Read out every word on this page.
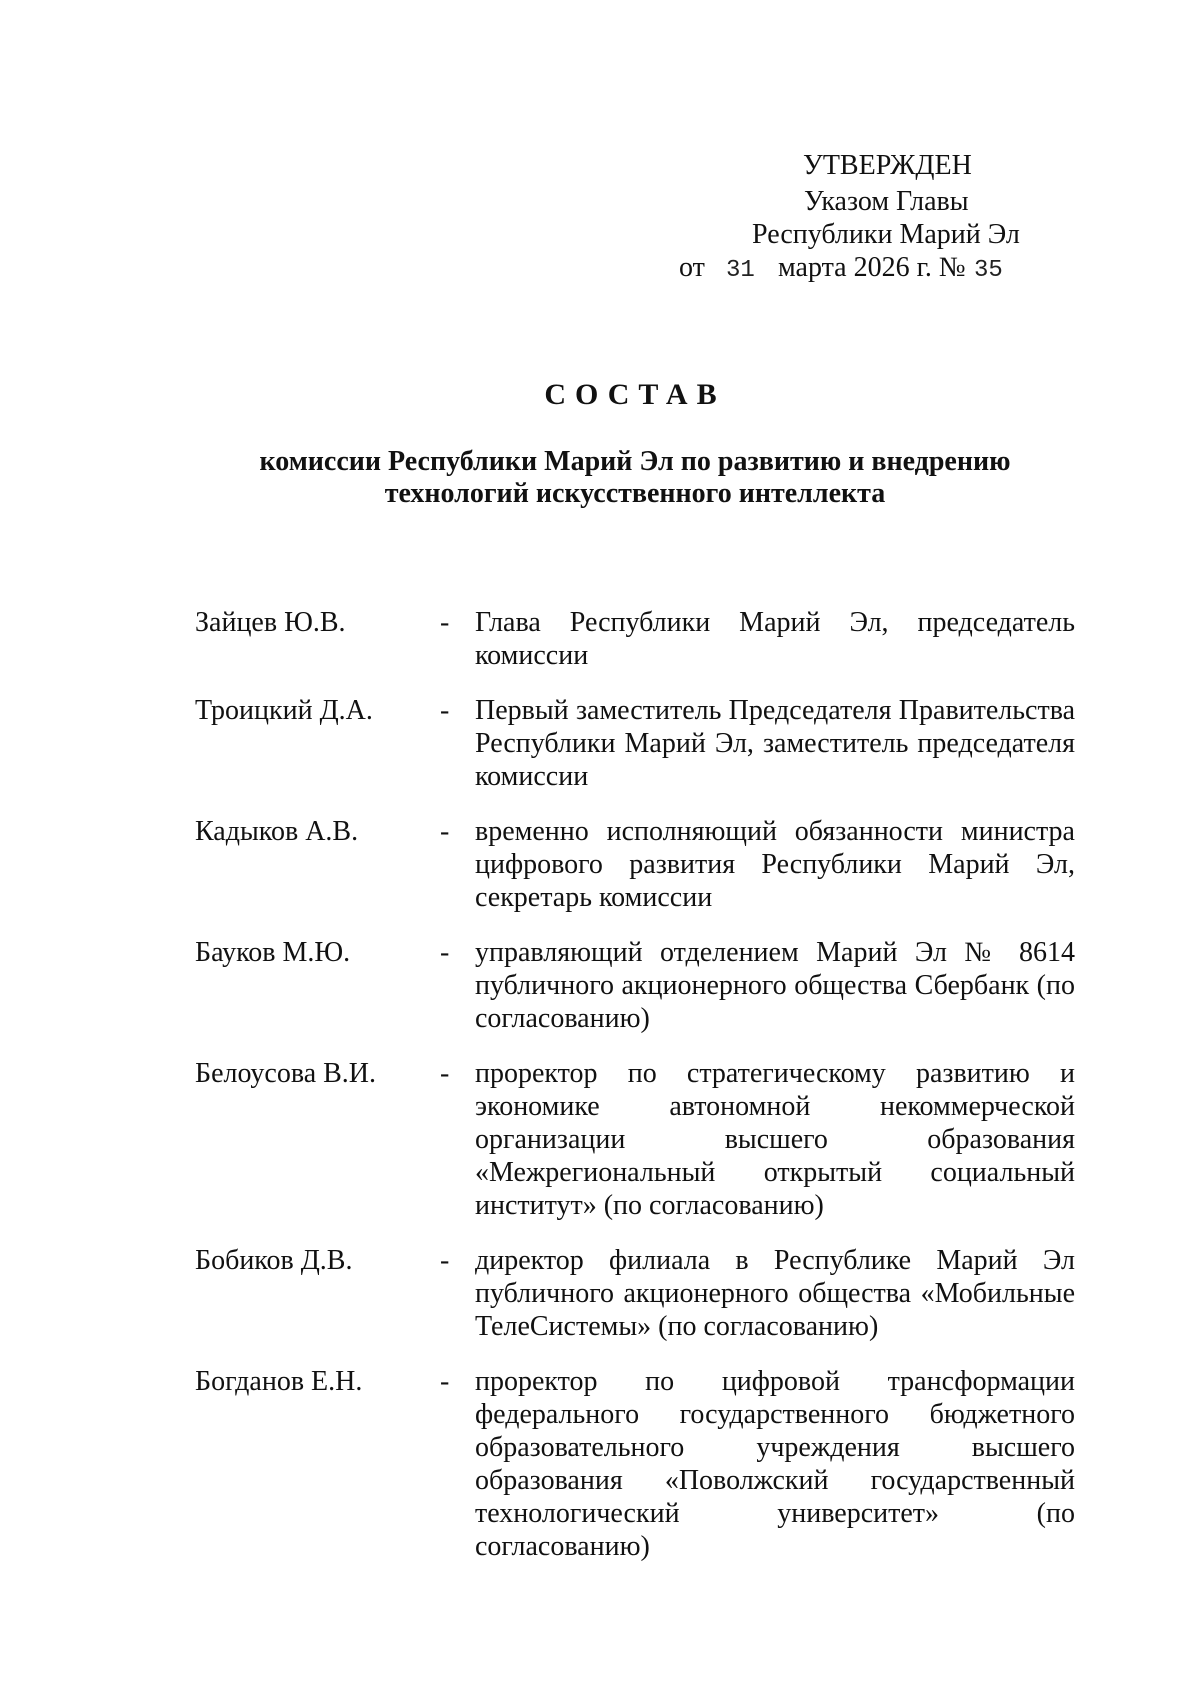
УТВЕРЖДЕН
Указом Главы
Республики Марий Эл
от 31 марта 2026 г. № 35
СОСТАВ
комиссии Республики Марий Эл по развитию и внедрению
технологий искусственного интеллекта
Зайцев Ю.В.	- Глава Республики Марий Эл, председатель комиссии
Троицкий Д.А.	- Первый заместитель Председателя Правительства Республики Марий Эл, заместитель председателя комиссии
Кадыков А.В.	- временно исполняющий обязанности министра цифрового развития Республики Марий Эл, секретарь комиссии
Бауков М.Ю.	- управляющий отделением Марий Эл № 8614 публичного акционерного общества Сбербанк (по согласованию)
Белоусова В.И.	- проректор по стратегическому развитию и экономике автономной некоммерческой организации высшего образования «Межрегиональный открытый социальный институт» (по согласованию)
Бобиков Д.В.	- директор филиала в Республике Марий Эл публичного акционерного общества «Мобильные ТелеСистемы» (по согласованию)
Богданов Е.Н.	- проректор по цифровой трансформации федерального государственного бюджетного образовательного учреждения высшего образования «Поволжский государственный технологический университет» (по согласованию)
